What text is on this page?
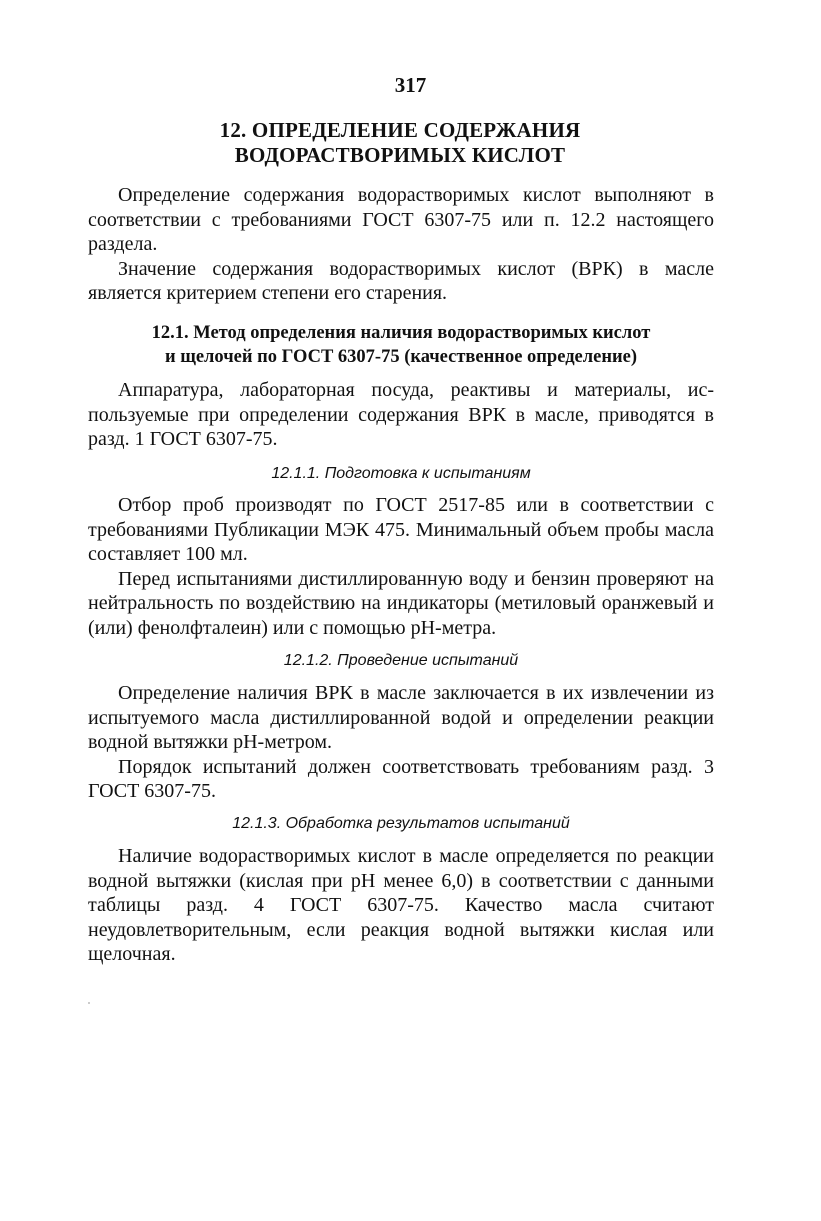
317
12. ОПРЕДЕЛЕНИЕ СОДЕРЖАНИЯ
ВОДОРАСТВОРИМЫХ КИСЛОТ

Определение содержания водорастворимых кислот выполняют в соответствии с требованиями ГОСТ 6307-75 или п. 12.2 настоящего раздела.

Значение содержания водорастворимых кислот (ВРК) в масле является критерием степени его старения.

12.1. Метод определения наличия водорастворимых кислот
и щелочей по ГОСТ 6307-75 (качественное определение)

Аппаратура, лабораторная посуда, реактивы и материалы, используемые при определении содержания ВРК в масле, приводятся в разд. 1 ГОСТ 6307-75.

12.1.1. Подготовка к испытаниям

Отбор проб производят по ГОСТ 2517-85 или в соответствии с требованиями Публикации МЭК 475. Минимальный объем пробы масла составляет 100 мл.

Перед испытаниями дистиллированную воду и бензин проверяют на нейтральность по воздействию на индикаторы (метиловый оранжевый и (или) фенолфталеин) или с помощью pH-метра.

12.1.2. Проведение испытаний

Определение наличия ВРК в масле заключается в их извлечении из испытуемого масла дистиллированной водой и определении реакции водной вытяжки pH-метром.

Порядок испытаний должен соответствовать требованиям разд. 3 ГОСТ 6307-75.

12.1.3. Обработка результатов испытаний

Наличие водорастворимых кислот в масле определяется по реакции водной вытяжки (кислая при pH менее 6,0) в соответствии с данными таблицы разд. 4 ГОСТ 6307-75. Качество масла считают неудовлетворительным, если реакция водной вытяжки кислая или щелочная.
